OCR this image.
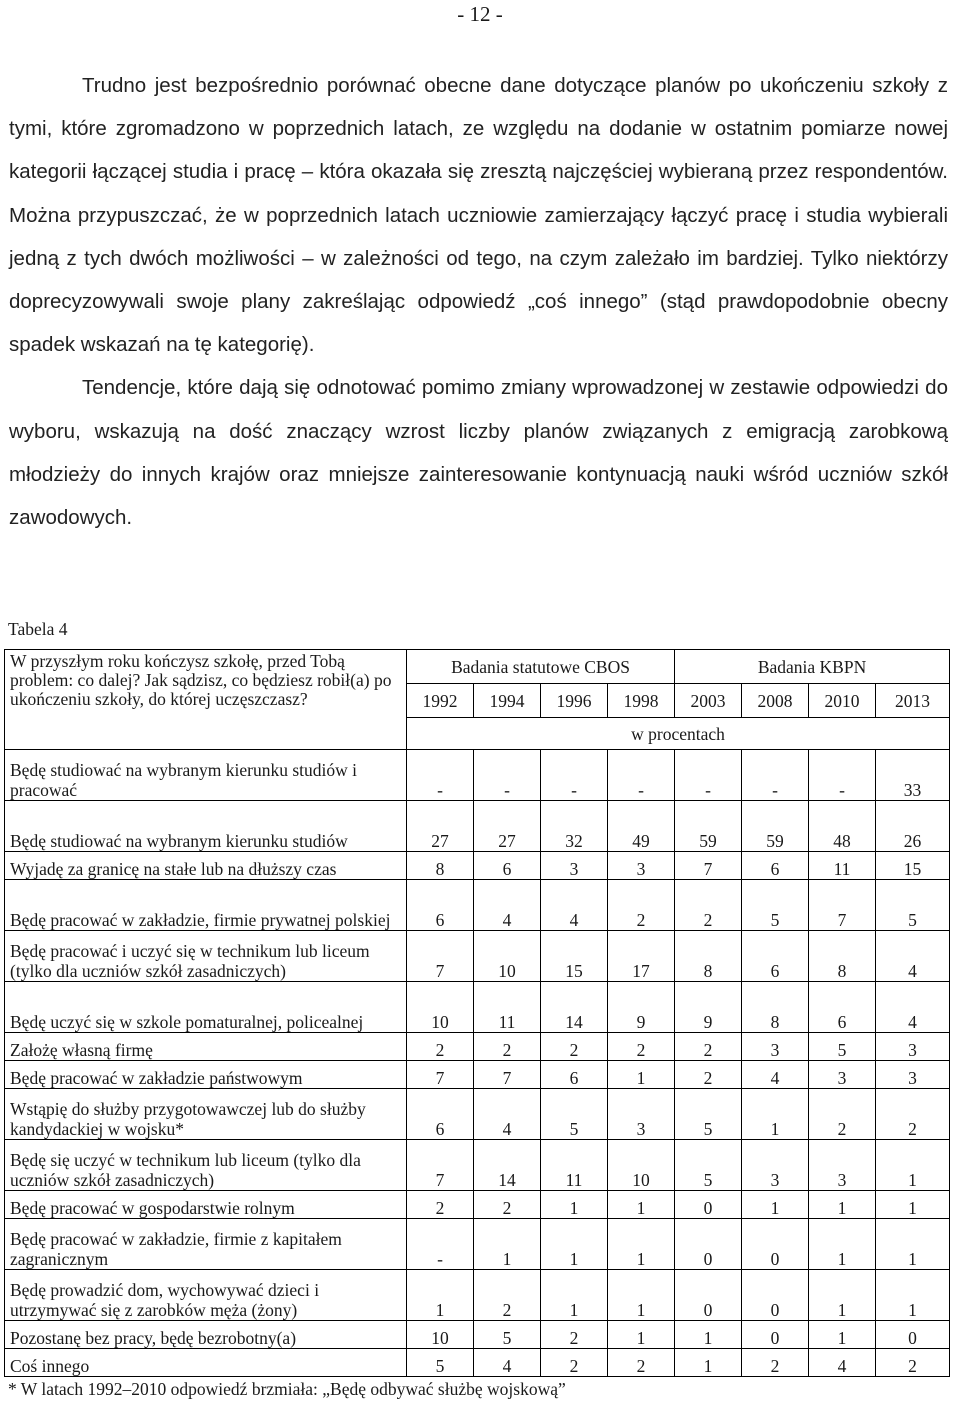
- 12 -

Trudno jest bezpośrednio porównać obecne dane dotyczące planów po ukończeniu szkoły z tymi, które zgromadzono w poprzednich latach, ze względu na dodanie w ostatnim pomiarze nowej kategorii łączącej studia i pracę – która okazała się zresztą najczęściej wybieraną przez respondentów. Można przypuszczać, że w poprzednich latach uczniowie zamierzający łączyć pracę i studia wybierali jedną z tych dwóch możliwości – w zależności od tego, na czym zależało im bardziej. Tylko niektórzy doprecyzowywali swoje plany zakreślając odpowiedź „coś innego” (stąd prawdopodobnie obecny spadek wskazań na tę kategorię).

Tendencje, które dają się odnotować pomimo zmiany wprowadzonej w zestawie odpowiedzi do wyboru, wskazują na dość znaczący wzrost liczby planów związanych z emigracją zarobkową młodzieży do innych krajów oraz mniejsze zainteresowanie kontynuacją nauki wśród uczniów szkół zawodowych.

Tabela 4
W przyszłym roku kończysz szkołę, przed Tobą problem: co dalej? Jak sądzisz, co będziesz robił(a) po ukończeniu szkoły, do której uczęszczasz?	Badania statutowe CBOS				Badania KBPN			
	1992	1994	1996	1998	2003	2008	2010	2013
	w procentach							
Będę studiować na wybranym kierunku studiów i pracować	-	-	-	-	-	-	-	33
Będę studiować na wybranym kierunku studiów	27	27	32	49	59	59	48	26
Wyjadę za granicę na stałe lub na dłuższy czas	8	6	3	3	7	6	11	15
Będę pracować w zakładzie, firmie prywatnej polskiej	6	4	4	2	2	5	7	5
Będę pracować i uczyć się w technikum lub liceum (tylko dla uczniów szkół zasadniczych)	7	10	15	17	8	6	8	4
Będę uczyć się w szkole pomaturalnej, policealnej	10	11	14	9	9	8	6	4
Założę własną firmę	2	2	2	2	2	3	5	3
Będę pracować w zakładzie państwowym	7	7	6	1	2	4	3	3
Wstąpię do służby przygotowawczej lub do służby kandydackiej w wojsku*	6	4	5	3	5	1	2	2
Będę się uczyć w technikum lub liceum (tylko dla uczniów szkół zasadniczych)	7	14	11	10	5	3	3	1
Będę pracować w gospodarstwie rolnym	2	2	1	1	0	1	1	1
Będę pracować w zakładzie, firmie z kapitałem zagranicznym	-	1	1	1	0	0	1	1
Będę prowadzić dom, wychowywać dzieci i utrzymywać się z zarobków męża (żony)	1	2	1	1	0	0	1	1
Pozostanę bez pracy, będę bezrobotny(a)	10	5	2	1	1	0	1	0
Coś innego	5	4	2	2	1	2	4	2
* W latach 1992–2010 odpowiedź brzmiała: „Będę odbywać służbę wojskową”
